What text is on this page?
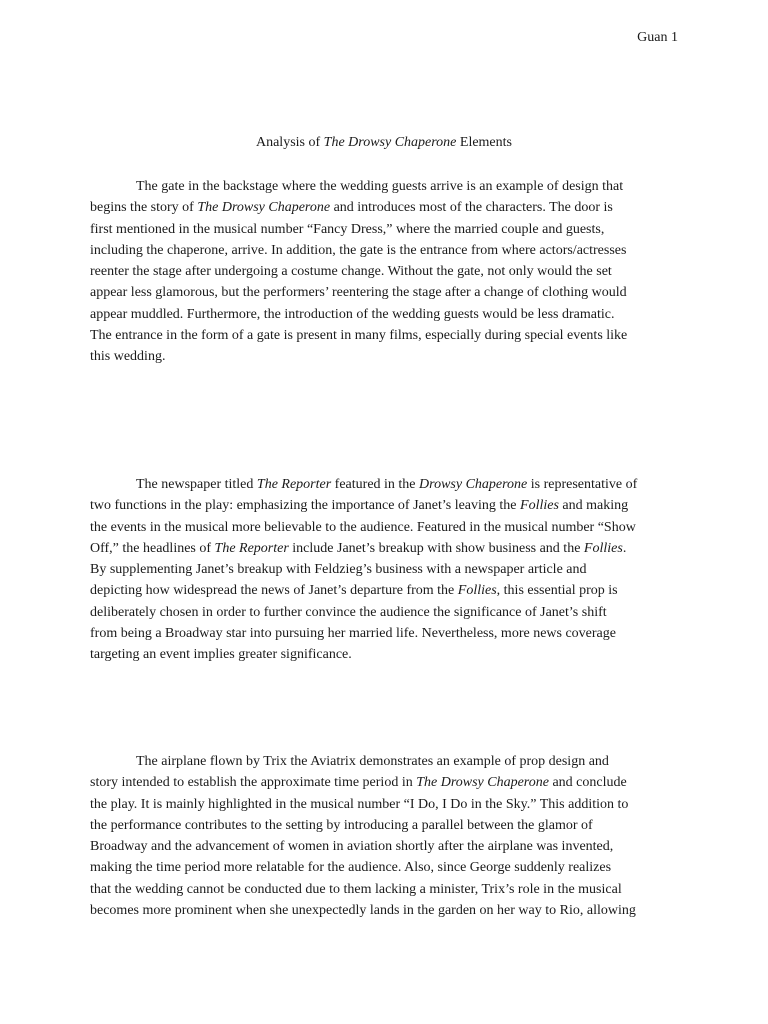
Guan 1
Analysis of The Drowsy Chaperone Elements
The gate in the backstage where the wedding guests arrive is an example of design that
begins the story of The Drowsy Chaperone and introduces most of the characters. The door is
first mentioned in the musical number “Fancy Dress,” where the married couple and guests,
including the chaperone, arrive. In addition, the gate is the entrance from where actors/actresses
reenter the stage after undergoing a costume change. Without the gate, not only would the set
appear less glamorous, but the performers’ reentering the stage after a change of clothing would
appear muddled. Furthermore, the introduction of the wedding guests would be less dramatic.
The entrance in the form of a gate is present in many films, especially during special events like
this wedding.
The newspaper titled The Reporter featured in the Drowsy Chaperone is representative of
two functions in the play: emphasizing the importance of Janet’s leaving the Follies and making
the events in the musical more believable to the audience. Featured in the musical number “Show
Off,” the headlines of The Reporter include Janet’s breakup with show business and the Follies.
By supplementing Janet’s breakup with Feldzieg’s business with a newspaper article and
depicting how widespread the news of Janet’s departure from the Follies, this essential prop is
deliberately chosen in order to further convince the audience the significance of Janet’s shift
from being a Broadway star into pursuing her married life. Nevertheless, more news coverage
targeting an event implies greater significance.
The airplane flown by Trix the Aviatrix demonstrates an example of prop design and
story intended to establish the approximate time period in The Drowsy Chaperone and conclude
the play. It is mainly highlighted in the musical number “I Do, I Do in the Sky.” This addition to
the performance contributes to the setting by introducing a parallel between the glamor of
Broadway and the advancement of women in aviation shortly after the airplane was invented,
making the time period more relatable for the audience. Also, since George suddenly realizes
that the wedding cannot be conducted due to them lacking a minister, Trix’s role in the musical
becomes more prominent when she unexpectedly lands in the garden on her way to Rio, allowing
